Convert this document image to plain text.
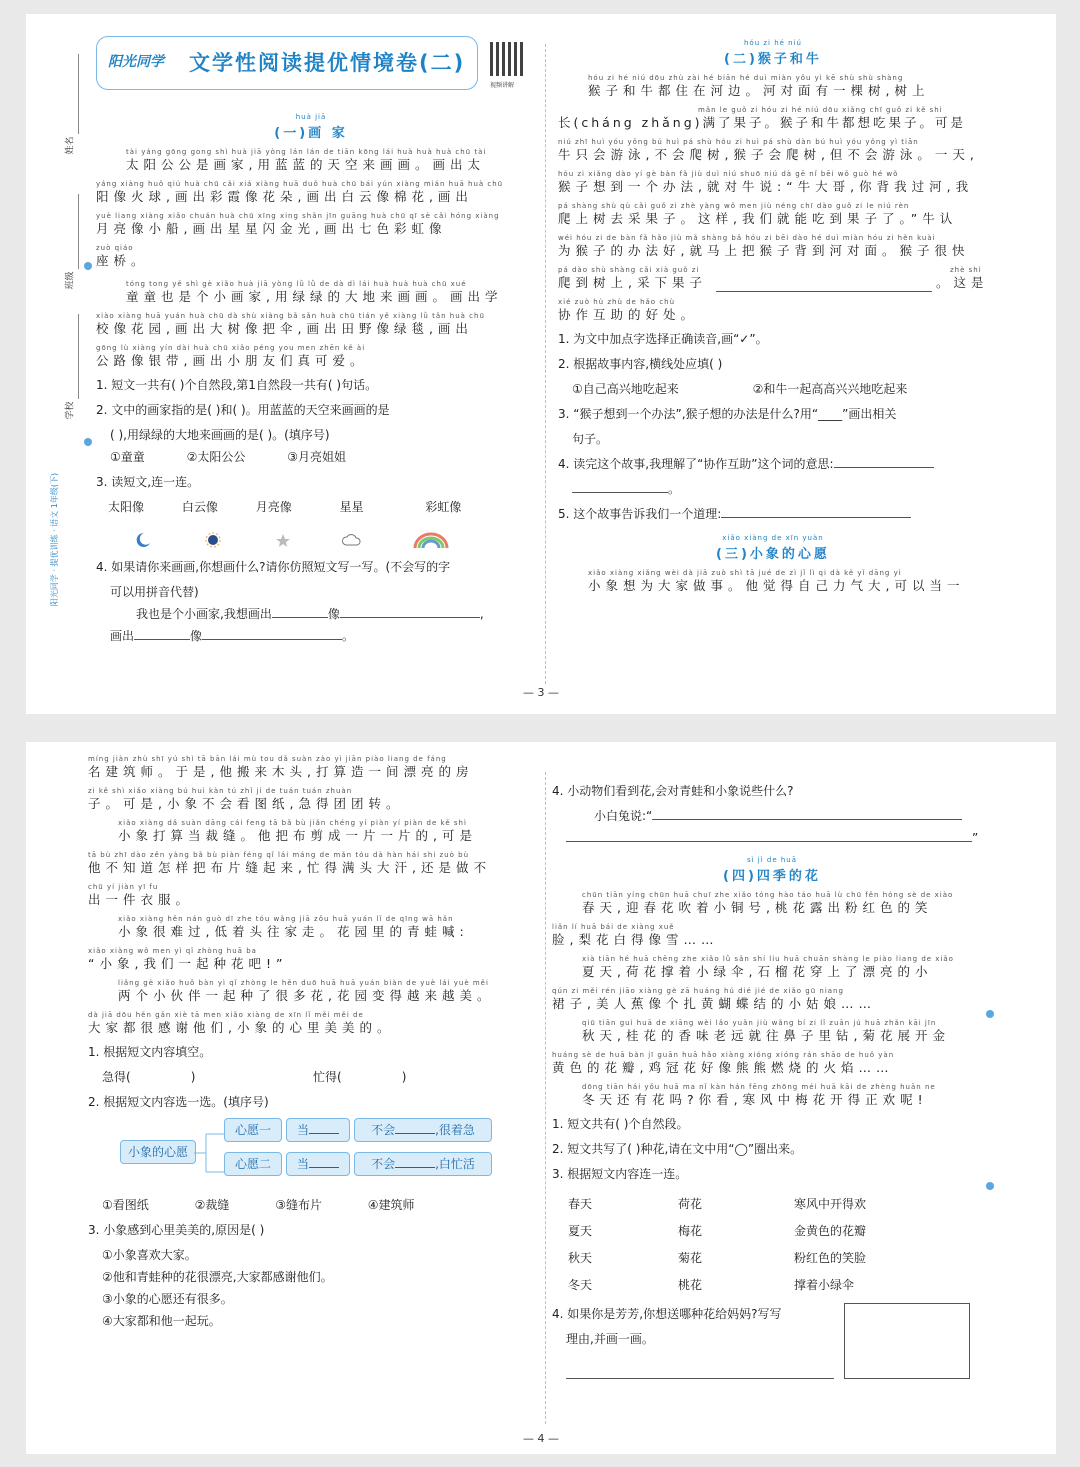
姓名
班级
学校
阳光同学 · 提优训练 · 语文 1年级(下)
阳光同学	文学性阅读提优情境卷(二)
视频讲解
huà jiā
(一)画 家
tài yáng gōng gong shì huà jiā yòng lán lán de tiān kōng lái huà huà huà chū tài
太阳公公是画家,用蓝蓝的天空来画画。画出太
yáng xiàng huǒ qiú huà chū cǎi xiá xiàng huā duǒ huà chū bái yún xiàng mián huā huà chū
阳像火球,画出彩霞像花朵,画出白云像棉花,画出
yuè liang xiàng xiǎo chuán huà chū xīng xing shǎn jīn guāng huà chū qī sè cǎi hóng xiàng
月亮像小船,画出星星闪金光,画出七色彩虹像
zuò qiáo
座桥。
tóng tong yě shì gè xiǎo huà jiā yòng lǜ lǜ de dà dì lái huà huà huà chū xué
童童也是个小画家,用绿绿的大地来画画。画出学
xiào xiàng huā yuán huà chū dà shù xiàng bǎ sǎn huà chū tián yě xiàng lǜ tǎn huà chū
校像花园,画出大树像把伞,画出田野像绿毯,画出
gōng lù xiàng yín dài huà chū xiǎo péng you men zhēn kě ài
公路像银带,画出小朋友们真可爱。
1. 短文一共有( )个自然段,第1自然段一共有( )句话。
2. 文中的画家指的是( )和( )。用蓝蓝的天空来画画的是
( ),用绿绿的大地来画画的是( )。(填序号)
①童童	②太阳公公	③月亮姐姐
3. 读短文,连一连。
太阳像	白云像	月亮像	星星	彩虹像

4. 如果请你来画画,你想画什么?请你仿照短文写一写。(不会写的字
可以用拼音代替)
我也是个小画家,我想画出	像	,
画出	像	。
hóu zi hé niú
(二)猴子和牛
hóu zi hé niú dōu zhù zài hé biān hé duì miàn yǒu yì kē shù shù shàng
猴子和牛都住在河边。河对面有一棵树,树上
mǎn le guǒ zi hóu zi hé niú dōu xiǎng chī guǒ zi kě shì
长(cháng zhǎng)满了果子。猴子和牛都想吃果子。可是
niú zhī huì yóu yǒng bú huì pá shù hóu zi huì pá shù dàn bú huì yóu yǒng yì tiān
牛只会游泳,不会爬树,猴子会爬树,但不会游泳。一天,
hóu zi xiǎng dào yí gè bàn fǎ jiù duì niú shuō niú dà gē nǐ bēi wǒ guò hé wǒ
猴子想到一个办法,就对牛说:“牛大哥,你背我过河,我
pá shàng shù qù cǎi guǒ zi zhè yàng wǒ men jiù néng chī dào guǒ zi le niú rèn
爬上树去采果子。这样,我们就能吃到果子了。”牛认
wéi hóu zi de bàn fǎ hǎo jiù mǎ shàng bǎ hóu zi bēi dào hé duì miàn hóu zi hěn kuài
为猴子的办法好,就马上把猴子背到河对面。猴子很快
pá dào shù shàng cǎi xià guǒ zi
爬到树上,采下果子
zhè shì
。这是
xié zuò hù zhù de hǎo chù
协作互助的好处。
1. 为文中加点字选择正确读音,画“✓”。
2. 根据故事内容,横线处应填( )
①自己高兴地吃起来	②和牛一起高高兴兴地吃起来
3. “猴子想到一个办法”,猴子想的办法是什么?用“____”画出相关
句子。
4. 读完这个故事,我理解了“协作互助”这个词的意思:
。
5. 这个故事告诉我们一个道理:
xiǎo xiàng de xīn yuàn
(三)小象的心愿
xiǎo xiàng xiǎng wèi dà jiā zuò shì tā jué de zì jǐ lì qi dà kě yǐ dāng yì
小象想为大家做事。他觉得自己力气大,可以当一
— 3 —
míng jiàn zhù shī yú shì tā bān lái mù tou dǎ suàn zào yì jiān piào liang de fáng
名建筑师。于是,他搬来木头,打算造一间漂亮的房
zi kě shì xiǎo xiàng bú huì kàn tú zhǐ jí de tuán tuán zhuàn
子。可是,小象不会看图纸,急得团团转。
xiǎo xiàng dǎ suàn dāng cái feng tā bǎ bù jiǎn chéng yí piàn yí piàn de kě shì
小象打算当裁缝。他把布剪成一片一片的,可是
tā bù zhī dào zěn yàng bǎ bù piàn féng qǐ lái máng de mǎn tóu dà hàn hái shi zuò bù
他不知道怎样把布片缝起来,忙得满头大汗,还是做不
chū yí jiàn yī fu
出一件衣服。
xiǎo xiàng hěn nán guò dī zhe tóu wǎng jiā zǒu huā yuán lǐ de qīng wā hǎn
小象很难过,低着头往家走。花园里的青蛙喊:
xiǎo xiàng wǒ men yì qǐ zhòng huā ba
“小象,我们一起种花吧!”
liǎng gè xiǎo huǒ bàn yì qǐ zhòng le hěn duō huā huā yuán biàn de yuè lái yuè měi
两个小伙伴一起种了很多花,花园变得越来越美。
dà jiā dōu hěn gǎn xiè tā men xiǎo xiàng de xīn lǐ měi měi de
大家都很感谢他们,小象的心里美美的。
1. 根据短文内容填空。
急得(	)	忙得(	)
2. 根据短文内容选一选。(填序号)
小象的心愿
心愿一	当	不会	,很着急
心愿二	当	不会	,白忙活
①看图纸	②裁缝	③缝布片	④建筑师
3. 小象感到心里美美的,原因是( )
①小象喜欢大家。
②他和青蛙种的花很漂亮,大家都感谢他们。
③小象的心愿还有很多。
④大家都和他一起玩。
4. 小动物们看到花,会对青蛙和小象说些什么?
小白兔说:“
”
sì jì de huā
(四)四季的花
chūn tiān yíng chūn huā chuī zhe xiǎo tóng hào táo huā lù chū fěn hóng sè de xiào
春天,迎春花吹着小铜号,桃花露出粉红色的笑
liǎn lí huā bái de xiàng xuě
脸,梨花白得像雪……
xià tiān hé huā chēng zhe xiǎo lǜ sǎn shí liu huā chuān shàng le piào liang de xiǎo
夏天,荷花撑着小绿伞,石榴花穿上了漂亮的小
qún zi měi rén jiāo xiàng gè zā huáng hú dié jié de xiǎo gū niang
裙子,美人蕉像个扎黄蝴蝶结的小姑娘……
qiū tiān guì huā de xiāng wèi lǎo yuǎn jiù wǎng bí zi lǐ zuān jú huā zhǎn kāi jīn
秋天,桂花的香味老远就往鼻子里钻,菊花展开金
huáng sè de huā bàn jī guān huā hǎo xiàng xióng xióng rán shāo de huǒ yàn
黄色的花瓣,鸡冠花好像熊熊燃烧的火焰……
dōng tiān hái yǒu huā ma nǐ kàn hán fēng zhōng méi huā kāi de zhèng huān ne
冬天还有花吗?你看,寒风中梅花开得正欢呢!
1. 短文共有( )个自然段。
2. 短文共写了( )种花,请在文中用“◯”圈出来。
3. 根据短文内容连一连。
春天	荷花	寒风中开得欢
夏天	梅花	金黄色的花瓣
秋天	菊花	粉红色的笑脸
冬天	桃花	撑着小绿伞
4. 如果你是芳芳,你想送哪种花给妈妈?写写
理由,并画一画。
— 4 —
